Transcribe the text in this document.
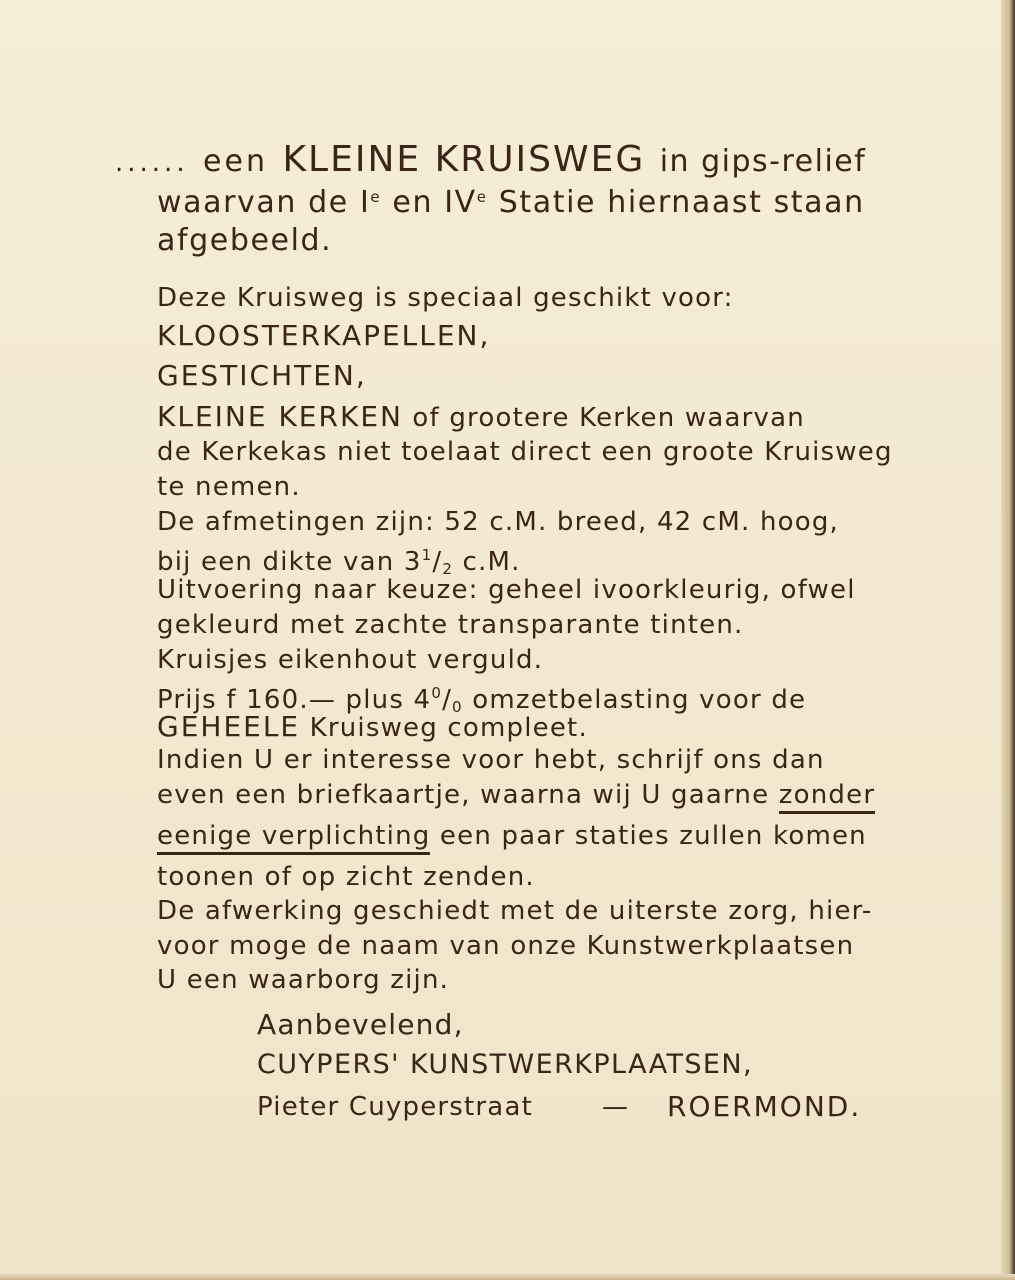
...... een KLEINE KRUISWEG in gips-relief
waarvan de Ie en IVe Statie hiernaast staan
afgebeeld.
Deze Kruisweg is speciaal geschikt voor:
KLOOSTERKAPELLEN,
GESTICHTEN,
KLEINE KERKEN of grootere Kerken waarvan
de Kerkekas niet toelaat direct een groote Kruisweg
te nemen.
De afmetingen zijn: 52 c.M. breed, 42 cM. hoog,
bij een dikte van $3^1/2$ c.M.
Uitvoering naar keuze: geheel ivoorkleurig, ofwel
gekleurd met zachte transparante tinten.
Kruisjes eikenhout verguld.
Prijs f 160.— plus $4^0/0$ omzetbelasting voor de
GEHEELE Kruisweg compleet.
Indien U er interesse voor hebt, schrijf ons dan
even een briefkaartje, waarna wij U gaarne zonder
eenige verplichting een paar staties zullen komen
toonen of op zicht zenden.
De afwerking geschiedt met de uiterste zorg, hier-
voor moge de naam van onze Kunstwerkplaatsen
U een waarborg zijn.
Aanbevelend,
CUYPERS' KUNSTWERKPLAATSEN,
Pieter Cuyperstraat	— ROERMOND.
